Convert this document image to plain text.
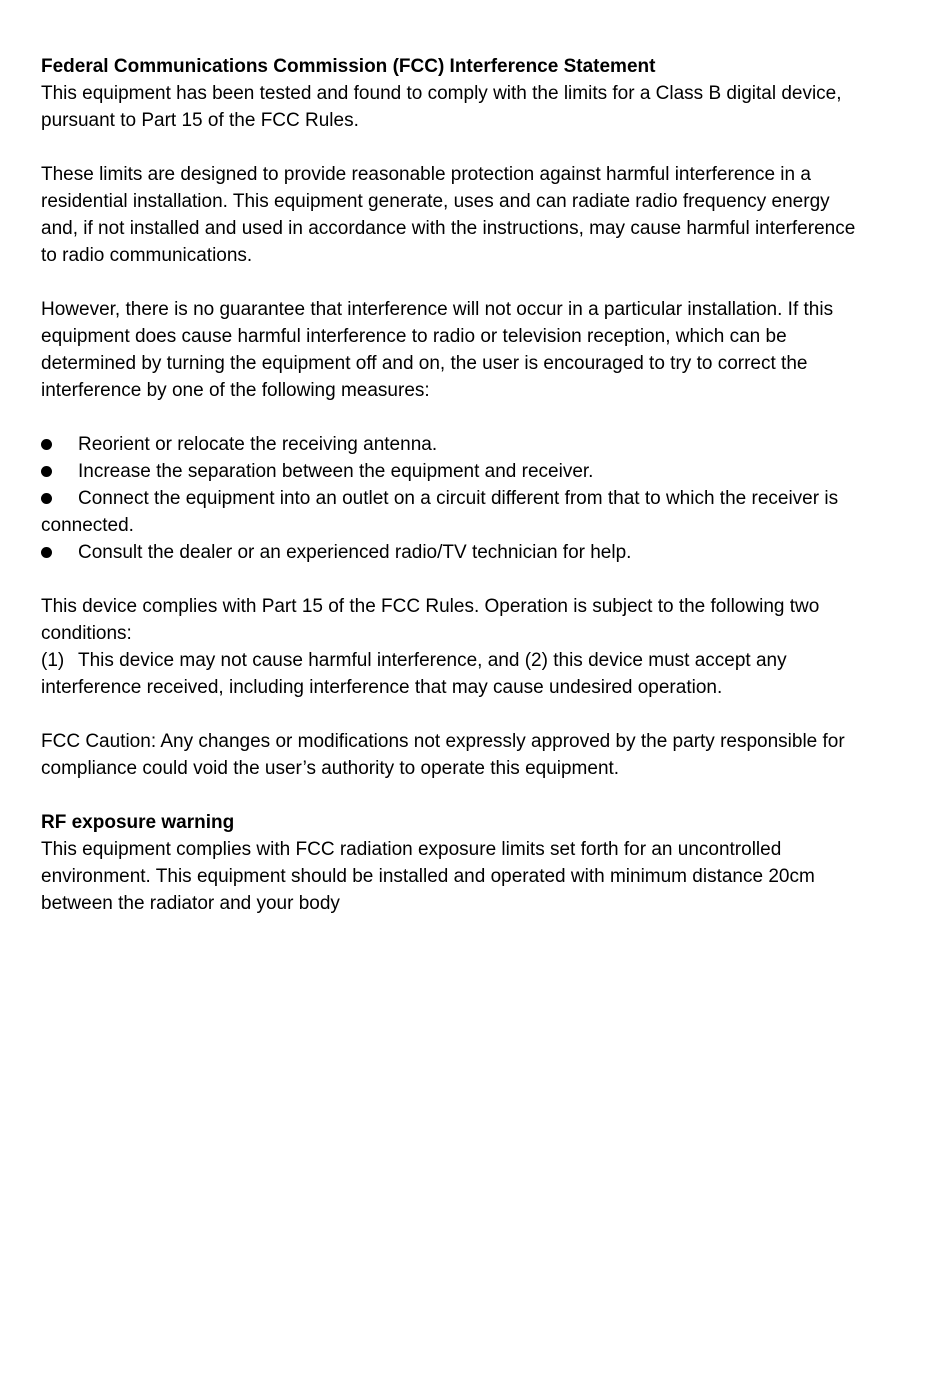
Federal Communications Commission (FCC) Interference Statement

This equipment has been tested and found to comply with the limits for a Class B digital device, pursuant to Part 15 of the FCC Rules.

These limits are designed to provide reasonable protection against harmful interference in a residential installation. This equipment generate, uses and can radiate radio frequency energy and, if not installed and used in accordance with the instructions, may cause harmful interference to radio communications.

However, there is no guarantee that interference will not occur in a particular installation. If this equipment does cause harmful interference to radio or television reception, which can be determined by turning the equipment off and on, the user is encouraged to try to correct the interference by one of the following measures:

Reorient or relocate the receiving antenna.

Increase the separation between the equipment and receiver.

Connect the equipment into an outlet on a circuit different from that to which the receiver is connected.

Consult the dealer or an experienced radio/TV technician for help.

This device complies with Part 15 of the FCC Rules. Operation is subject to the following two conditions:

(1) This device may not cause harmful interference, and (2) this device must accept any interference received, including interference that may cause undesired operation.

FCC Caution: Any changes or modifications not expressly approved by the party responsible for compliance could void the user’s authority to operate this equipment.

RF exposure warning

This equipment complies with FCC radiation exposure limits set forth for an uncontrolled environment. This equipment should be installed and operated with minimum distance 20cm between the radiator and your body
